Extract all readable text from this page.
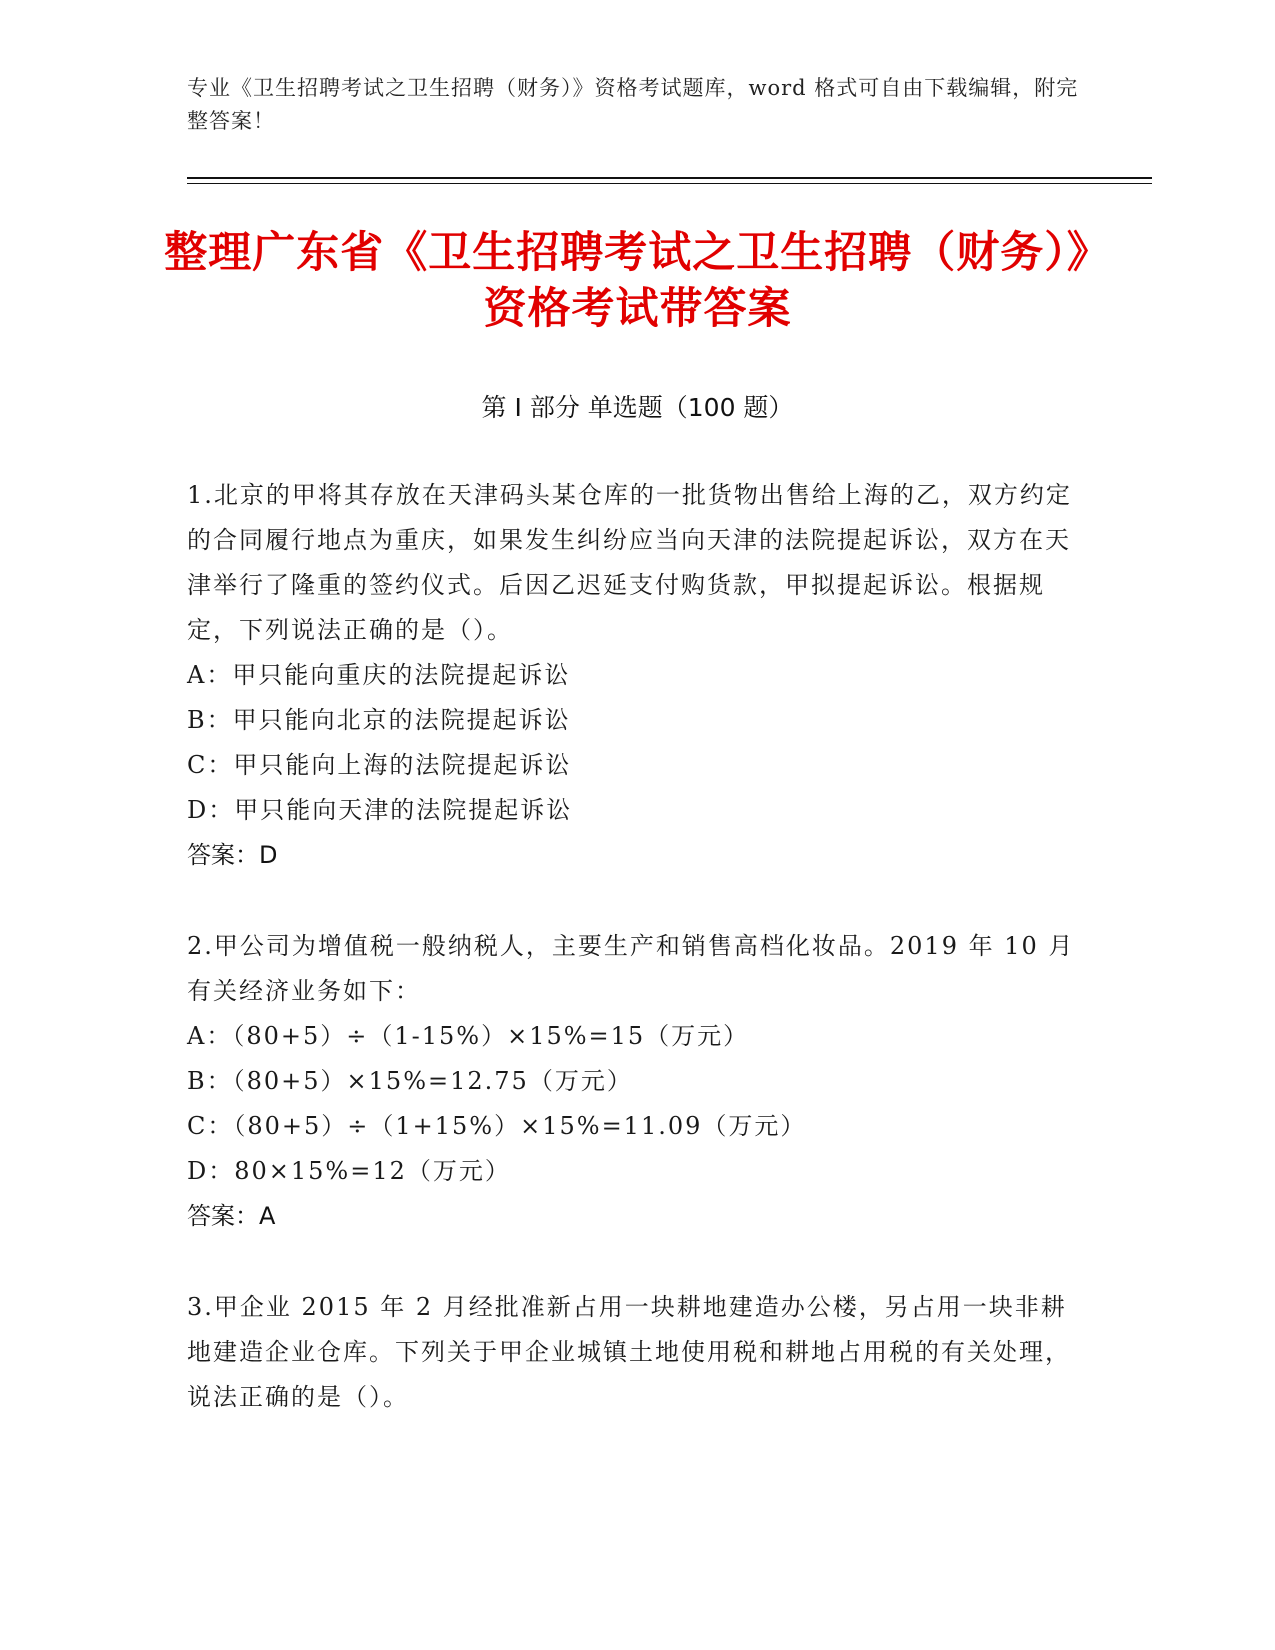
专业《卫生招聘考试之卫生招聘（财务）》资格考试题库，word 格式可自由下载编辑，附完整答案！
整理广东省《卫生招聘考试之卫生招聘（财务）》资格考试带答案
第 I 部分 单选题（100 题）
1.北京的甲将其存放在天津码头某仓库的一批货物出售给上海的乙，双方约定的合同履行地点为重庆，如果发生纠纷应当向天津的法院提起诉讼，双方在天津举行了隆重的签约仪式。后因乙迟延支付购货款，甲拟提起诉讼。根据规定，下列说法正确的是（）。
A：甲只能向重庆的法院提起诉讼
B：甲只能向北京的法院提起诉讼
C：甲只能向上海的法院提起诉讼
D：甲只能向天津的法院提起诉讼
答案：D
2.甲公司为增值税一般纳税人，主要生产和销售高档化妆品。2019 年 10 月有关经济业务如下：
A：（80+5）÷（1-15%）×15%=15（万元）
B：（80+5）×15%=12.75（万元）
C：（80+5）÷（1+15%）×15%=11.09（万元）
D：80×15%=12（万元）
答案：A
3.甲企业 2015 年 2 月经批准新占用一块耕地建造办公楼，另占用一块非耕地建造企业仓库。下列关于甲企业城镇土地使用税和耕地占用税的有关处理，说法正确的是（）。
